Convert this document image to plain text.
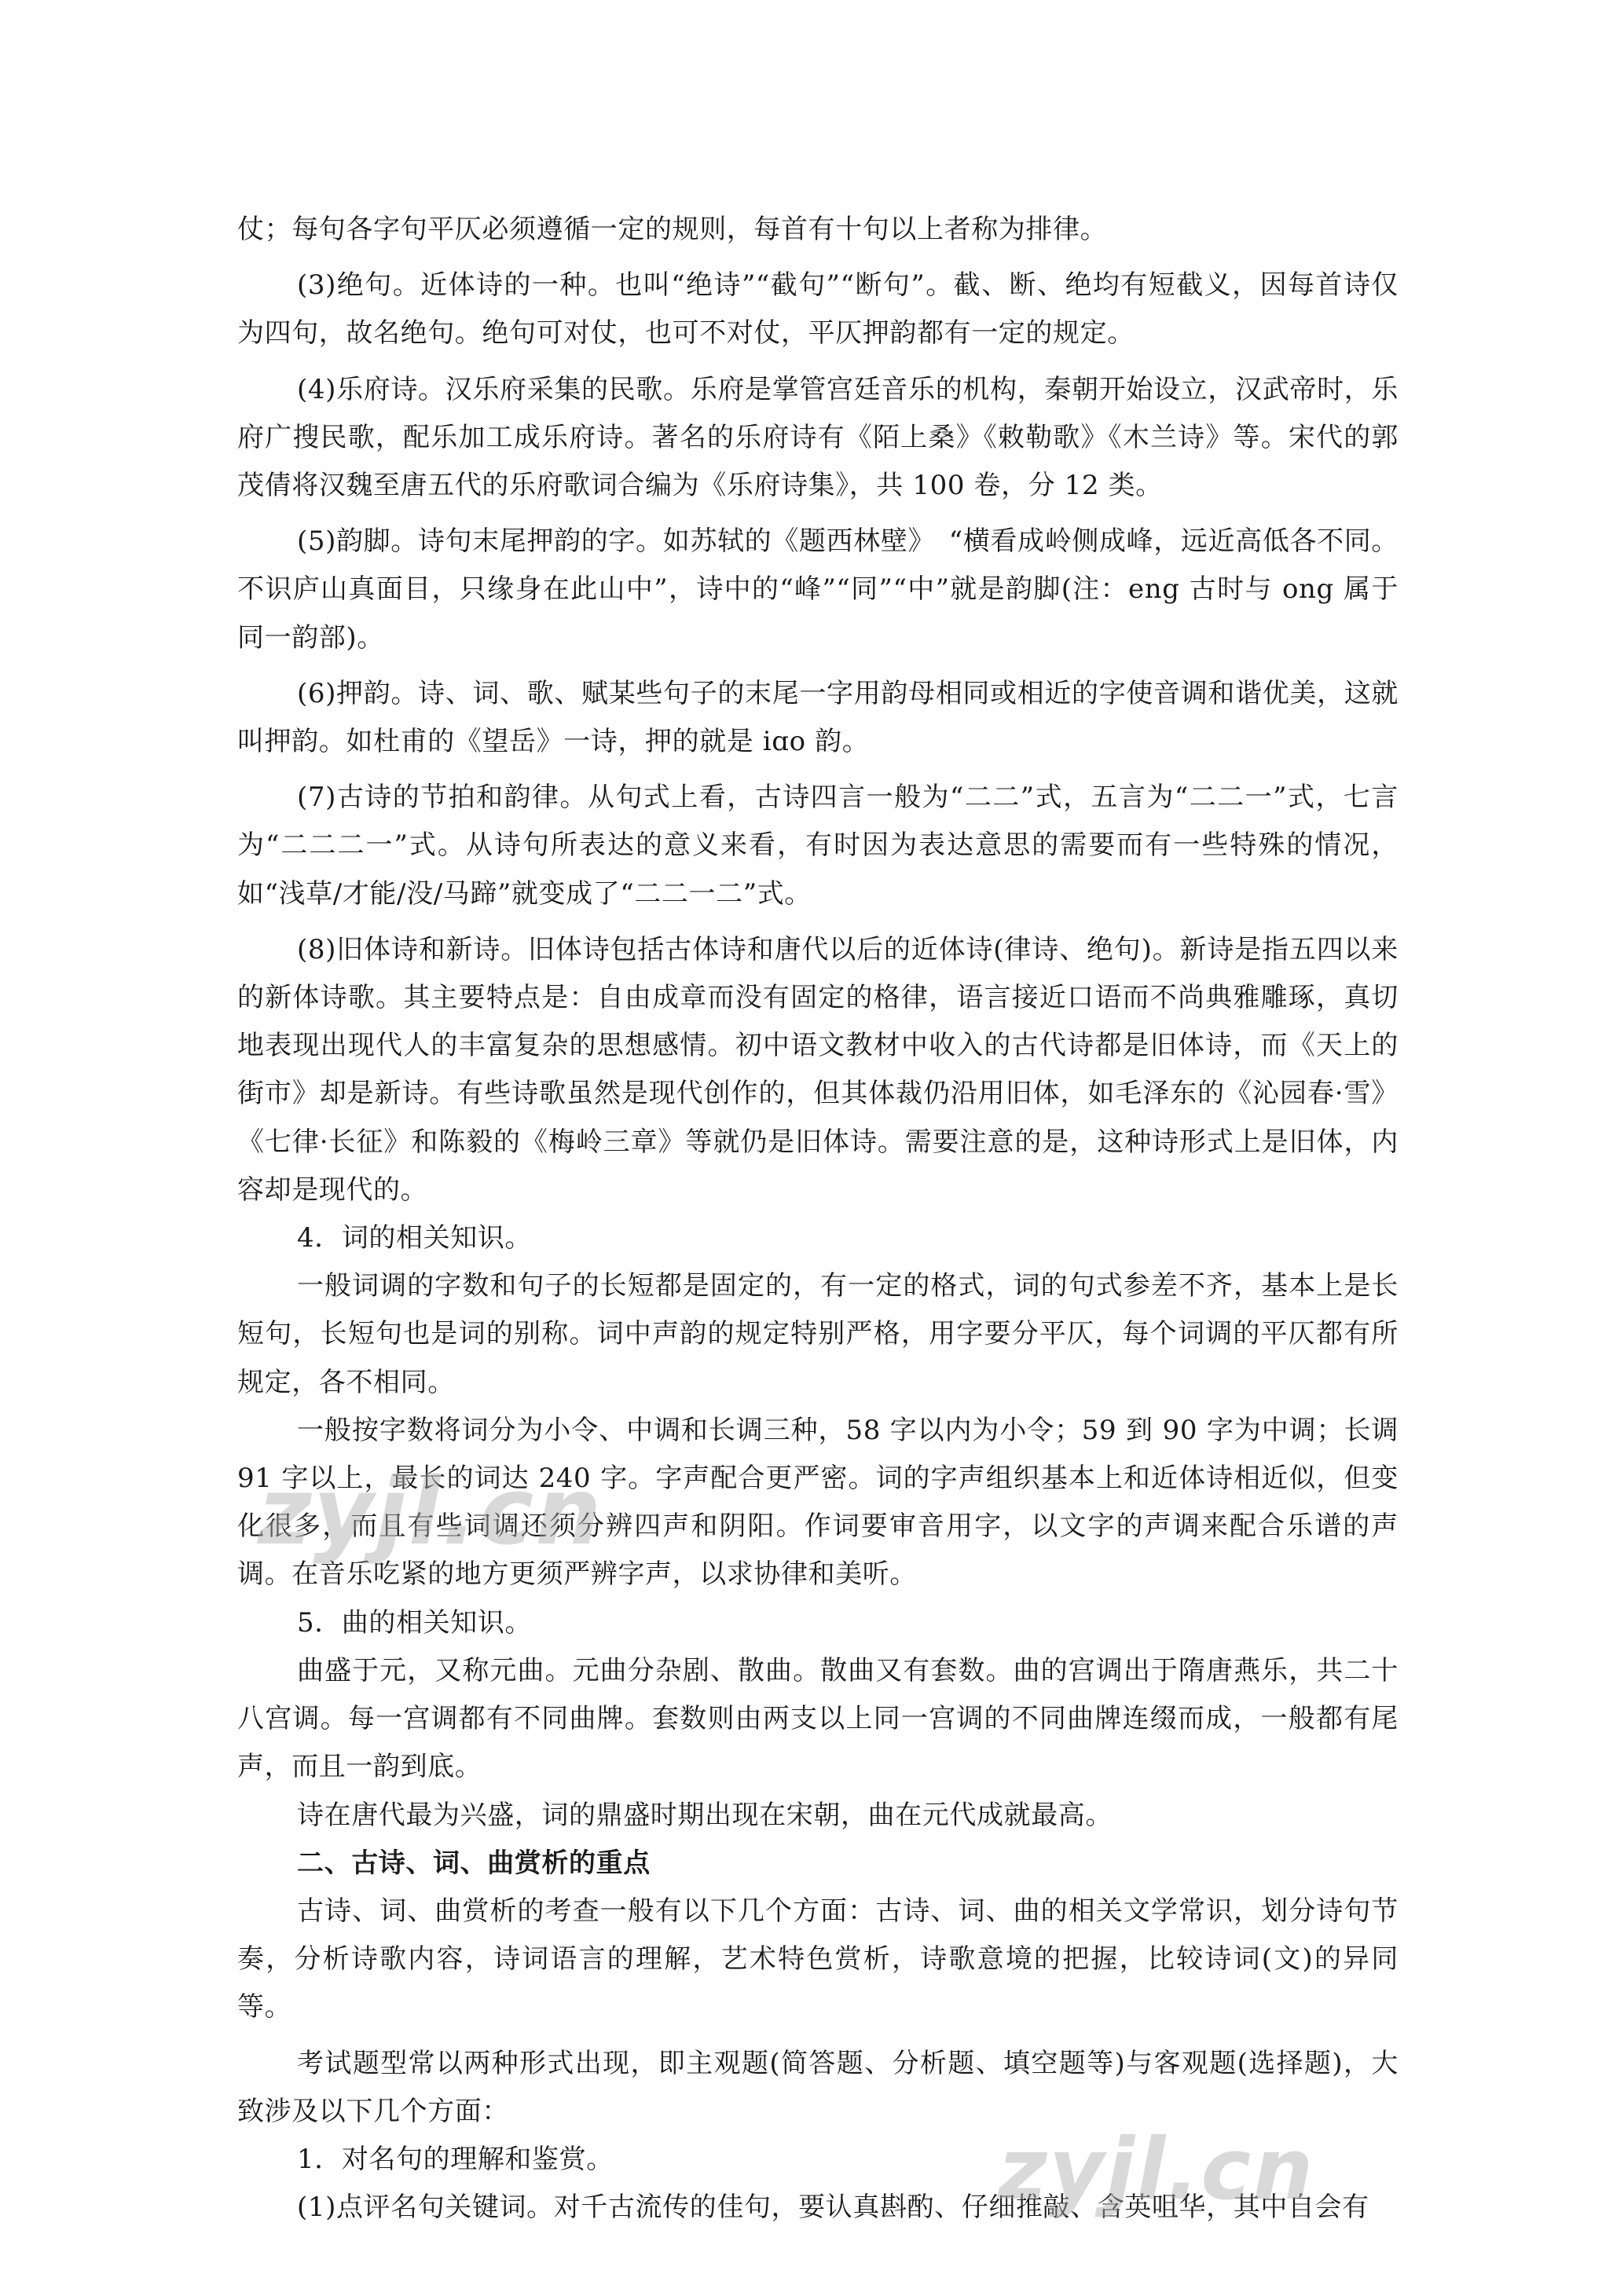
仗；每句各字句平仄必须遵循一定的规则，每首有十句以上者称为排律。

(3)绝句。近体诗的一种。也叫“绝诗”“截句”“断句”。截、断、绝均有短截义，因每首诗仅为四句，故名绝句。绝句可对仗，也可不对仗，平仄押韵都有一定的规定。

(4)乐府诗。汉乐府采集的民歌。乐府是掌管宫廷音乐的机构，秦朝开始设立，汉武帝时，乐府广搜民歌，配乐加工成乐府诗。著名的乐府诗有《陌上桑》《敕勒歌》《木兰诗》等。宋代的郭茂倩将汉魏至唐五代的乐府歌词合编为《乐府诗集》，共 100 卷，分 12 类。

(5)韵脚。诗句末尾押韵的字。如苏轼的《题西林壁》　“横看成岭侧成峰，远近高低各不同。不识庐山真面目，只缘身在此山中”，诗中的“峰”“同”“中”就是韵脚(注：eng 古时与 ong 属于同一韵部)。

(6)押韵。诗、词、歌、赋某些句子的末尾一字用韵母相同或相近的字使音调和谐优美，这就叫押韵。如杜甫的《望岳》一诗，押的就是 iɑo 韵。

(7)古诗的节拍和韵律。从句式上看，古诗四言一般为“二二”式，五言为“二二一”式，七言为“二二二一”式。从诗句所表达的意义来看，有时因为表达意思的需要而有一些特殊的情况，如“浅草/才能/没/马蹄”就变成了“二二一二”式。

(8)旧体诗和新诗。旧体诗包括古体诗和唐代以后的近体诗(律诗、绝句)。新诗是指五四以来的新体诗歌。其主要特点是：自由成章而没有固定的格律，语言接近口语而不尚典雅雕琢，真切地表现出现代人的丰富复杂的思想感情。初中语文教材中收入的古代诗都是旧体诗，而《天上的街市》却是新诗。有些诗歌虽然是现代创作的，但其体裁仍沿用旧体，如毛泽东的《沁园春·雪》《七律·长征》和陈毅的《梅岭三章》等就仍是旧体诗。需要注意的是，这种诗形式上是旧体，内容却是现代的。

4．词的相关知识。

一般词调的字数和句子的长短都是固定的，有一定的格式，词的句式参差不齐，基本上是长短句，长短句也是词的别称。词中声韵的规定特别严格，用字要分平仄，每个词调的平仄都有所规定，各不相同。

一般按字数将词分为小令、中调和长调三种，58 字以内为小令；59 到 90 字为中调；长调 91 字以上，最长的词达 240 字。字声配合更严密。词的字声组织基本上和近体诗相近似，但变化很多，而且有些词调还须分辨四声和阴阳。作词要审音用字，以文字的声调来配合乐谱的声调。在音乐吃紧的地方更须严辨字声，以求协律和美听。

5．曲的相关知识。

曲盛于元，又称元曲。元曲分杂剧、散曲。散曲又有套数。曲的宫调出于隋唐燕乐，共二十八宫调。每一宫调都有不同曲牌。套数则由两支以上同一宫调的不同曲牌连缀而成，一般都有尾声，而且一韵到底。

诗在唐代最为兴盛，词的鼎盛时期出现在宋朝，曲在元代成就最高。

二、古诗、词、曲赏析的重点

古诗、词、曲赏析的考查一般有以下几个方面：古诗、词、曲的相关文学常识，划分诗句节奏，分析诗歌内容，诗词语言的理解，艺术特色赏析，诗歌意境的把握，比较诗词(文)的异同等。

考试题型常以两种形式出现，即主观题(简答题、分析题、填空题等)与客观题(选择题)，大致涉及以下几个方面：

1．对名句的理解和鉴赏。

(1)点评名句关键词。对千古流传的佳句，要认真斟酌、仔细推敲、含英咀华，其中自会有

zyjl.cn
zyjl.cn
